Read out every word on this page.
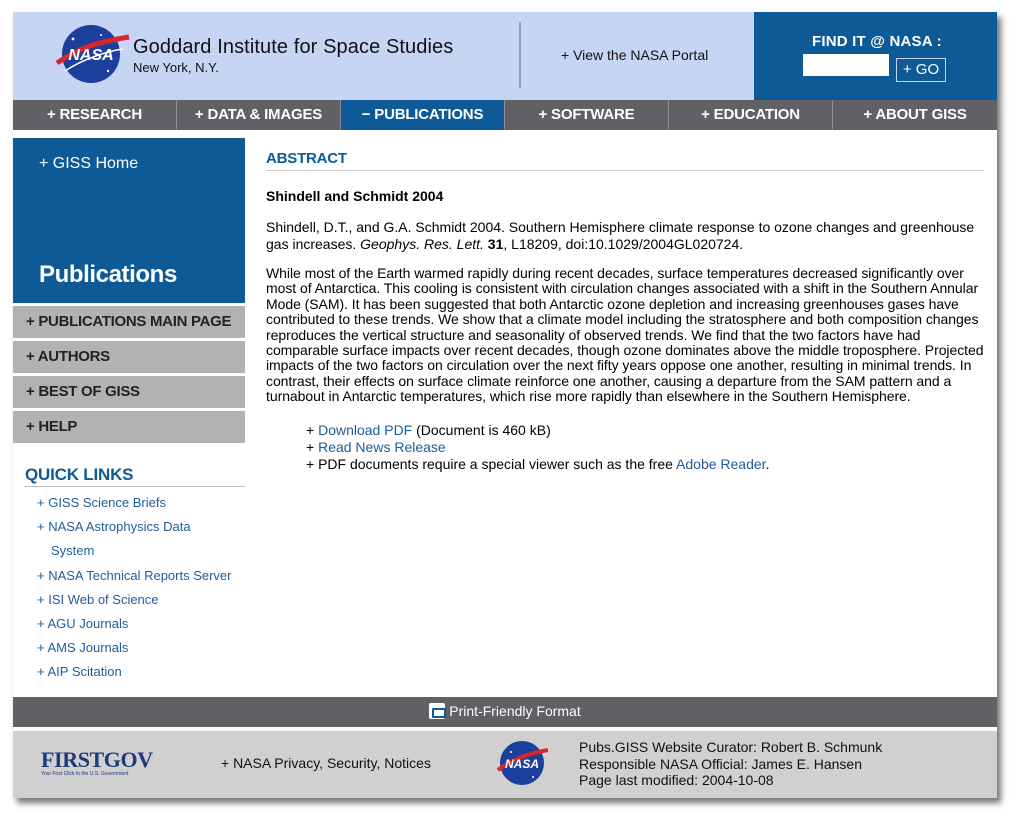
NASA Goddard Institute for Space Studies
New York, N.Y.
+ View the NASA Portal
FIND IT @ NASA :
+ GO
+ RESEARCH	+ DATA & IMAGES	− PUBLICATIONS	+ SOFTWARE	+ EDUCATION	+ ABOUT GISS
+ GISS Home
Publications
+ PUBLICATIONS MAIN PAGE
+ AUTHORS
+ BEST OF GISS
+ HELP
QUICK LINKS
+ GISS Science Briefs
+ NASA Astrophysics Data
System
+ NASA Technical Reports Server
+ ISI Web of Science
+ AGU Journals
+ AMS Journals
+ AIP Scitation
ABSTRACT
Shindell and Schmidt 2004

Shindell, D.T., and G.A. Schmidt 2004. Southern Hemisphere climate response to ozone changes and greenhouse gas increases. Geophys. Res. Lett. 31, L18209, doi:10.1029/2004GL020724.

While most of the Earth warmed rapidly during recent decades, surface temperatures decreased significantly over most of Antarctica. This cooling is consistent with circulation changes associated with a shift in the Southern Annular Mode (SAM). It has been suggested that both Antarctic ozone depletion and increasing greenhouses gases have contributed to these trends. We show that a climate model including the stratosphere and both composition changes reproduces the vertical structure and seasonality of observed trends. We find that the two factors have had comparable surface impacts over recent decades, though ozone dominates above the middle troposphere. Projected impacts of the two factors on circulation over the next fifty years oppose one another, resulting in minimal trends. In contrast, their effects on surface climate reinforce one another, causing a departure from the SAM pattern and a turnabout in Antarctic temperatures, which rise more rapidly than elsewhere in the Southern Hemisphere.

+ Download PDF (Document is 460 kB)
+ Read News Release
+ PDF documents require a special viewer such as the free Adobe Reader.
Print-Friendly Format
FIRSTGOV
Your First Click to the U.S. Government
+ NASA Privacy, Security, Notices	NASA
Pubs.GISS Website Curator: Robert B. Schmunk
Responsible NASA Official: James E. Hansen
Page last modified: 2004-10-08
